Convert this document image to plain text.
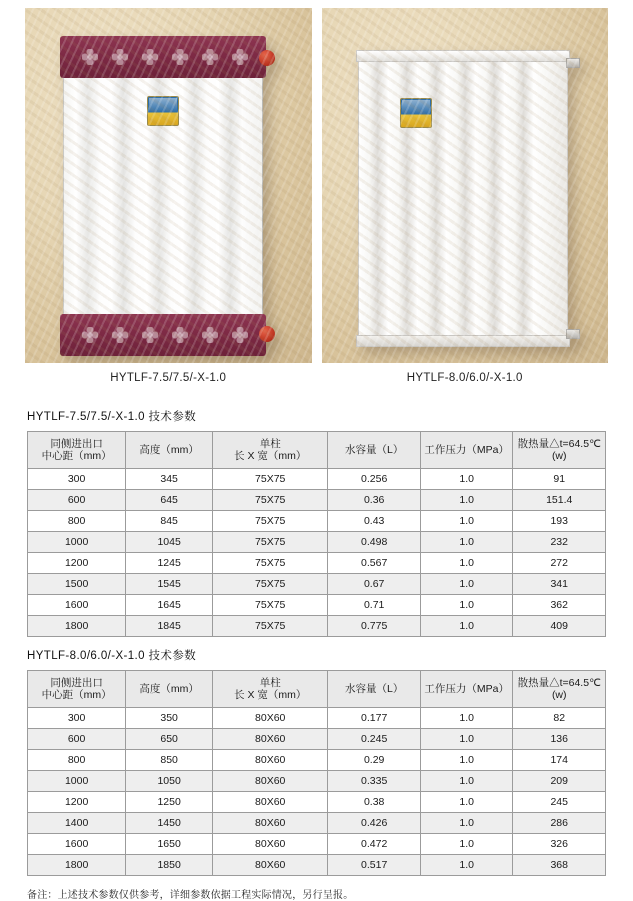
HYTLF-7.5/7.5/-X-1.0	HYTLF-8.0/6.0/-X-1.0
HYTLF-7.5/7.5/-X-1.0 技术参数
同侧进出口
中心距（mm）	高度（mm）	单柱
长 X 宽（mm）	水容量（L）	工作压力（MPa）	散热量△t=64.5℃(w)

300	345	75X75	0.256	1.0	91
600	645	75X75	0.36	1.0	151.4
800	845	75X75	0.43	1.0	193
1000	1045	75X75	0.498	1.0	232
1200	1245	75X75	0.567	1.0	272
1500	1545	75X75	0.67	1.0	341
1600	1645	75X75	0.71	1.0	362
1800	1845	75X75	0.775	1.0	409
HYTLF-8.0/6.0/-X-1.0 技术参数
同侧进出口
中心距（mm）	高度（mm）	单柱
长 X 宽（mm）	水容量（L）	工作压力（MPa）	散热量△t=64.5℃(w)

300	350	80X60	0.177	1.0	82
600	650	80X60	0.245	1.0	136
800	850	80X60	0.29	1.0	174
1000	1050	80X60	0.335	1.0	209
1200	1250	80X60	0.38	1.0	245
1400	1450	80X60	0.426	1.0	286
1600	1650	80X60	0.472	1.0	326
1800	1850	80X60	0.517	1.0	368
备注：上述技术参数仅供参考，详细参数依据工程实际情况，另行呈报。
